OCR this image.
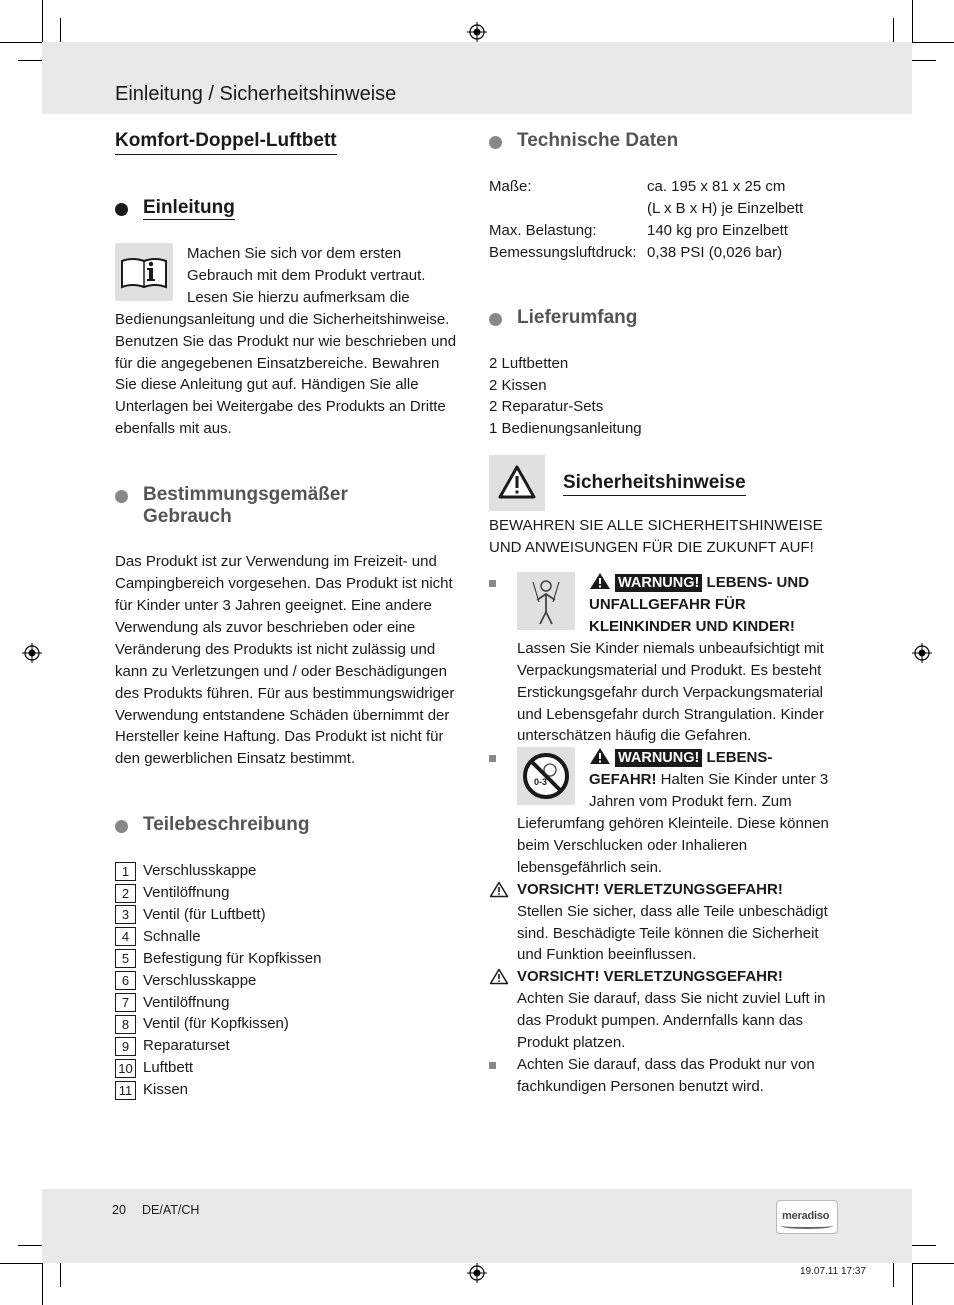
Einleitung / Sicherheitshinweise
Komfort-Doppel-Luftbett
Einleitung
Machen Sie sich vor dem ersten Gebrauch mit dem Produkt vertraut. Lesen Sie hierzu aufmerksam die Bedienungsanleitung und die Sicherheitshinweise. Benutzen Sie das Produkt nur wie beschrieben und für die angegebenen Einsatzbereiche. Bewahren Sie diese Anleitung gut auf. Händigen Sie alle Unterlagen bei Weitergabe des Produkts an Dritte ebenfalls mit aus.
Bestimmungsgemäßer
Gebrauch
Das Produkt ist zur Verwendung im Freizeit- und Campingbereich vorgesehen. Das Produkt ist nicht für Kinder unter 3 Jahren geeignet. Eine andere Verwendung als zuvor beschrieben oder eine Veränderung des Produkts ist nicht zulässig und kann zu Verletzungen und / oder Beschädigungen des Produkts führen. Für aus bestimmungswidriger Verwendung entstandene Schäden übernimmt der Hersteller keine Haftung. Das Produkt ist nicht für den gewerblichen Einsatz bestimmt.
Teilebeschreibung
1 Verschlusskappe
2 Ventilöffnung
3 Ventil (für Luftbett)
4 Schnalle
5 Befestigung für Kopfkissen
6 Verschlusskappe
7 Ventilöffnung
8 Ventil (für Kopfkissen)
9 Reparaturset
10 Luftbett
11 Kissen
Technische Daten
Maße:	ca. 195 x 81 x 25 cm
(L x B x H) je Einzelbett
Max. Belastung:	140 kg pro Einzelbett
Bemessungsluftdruck: 0,38 PSI (0,026 bar)
Lieferumfang
2 Luftbetten
2 Kissen
2 Reparatur-Sets
1 Bedienungsanleitung
Sicherheitshinweise
BEWAHREN SIE ALLE SICHERHEITSHINWEISE
UND ANWEISUNGEN FÜR DIE ZUKUNFT AUF!
WARNUNG! LEBENS- UND UNFALLGEFAHR FÜR KLEINKINDER UND KINDER!
Lassen Sie Kinder niemals unbeaufsichtigt mit Verpackungsmaterial und Produkt. Es besteht Erstickungsgefahr durch Verpackungsmaterial und Lebensgefahr durch Strangulation. Kinder unterschätzen häufig die Gefahren.
0-3
WARNUNG! LEBENS- GEFAHR! Halten Sie Kinder unter 3 Jahren vom Produkt fern. Zum Lieferumfang gehören Kleinteile. Diese können beim Verschlucken oder Inhalieren lebensgefährlich sein.
VORSICHT! VERLETZUNGSGEFAHR!
Stellen Sie sicher, dass alle Teile unbeschädigt sind. Beschädigte Teile können die Sicherheit und Funktion beeinflussen.
VORSICHT! VERLETZUNGSGEFAHR!
Achten Sie darauf, dass Sie nicht zuviel Luft in das Produkt pumpen. Andernfalls kann das Produkt platzen.
Achten Sie darauf, dass das Produkt nur von fachkundigen Personen benutzt wird.
20 DE/AT/CH	meradiso
19.07.11 17:37
